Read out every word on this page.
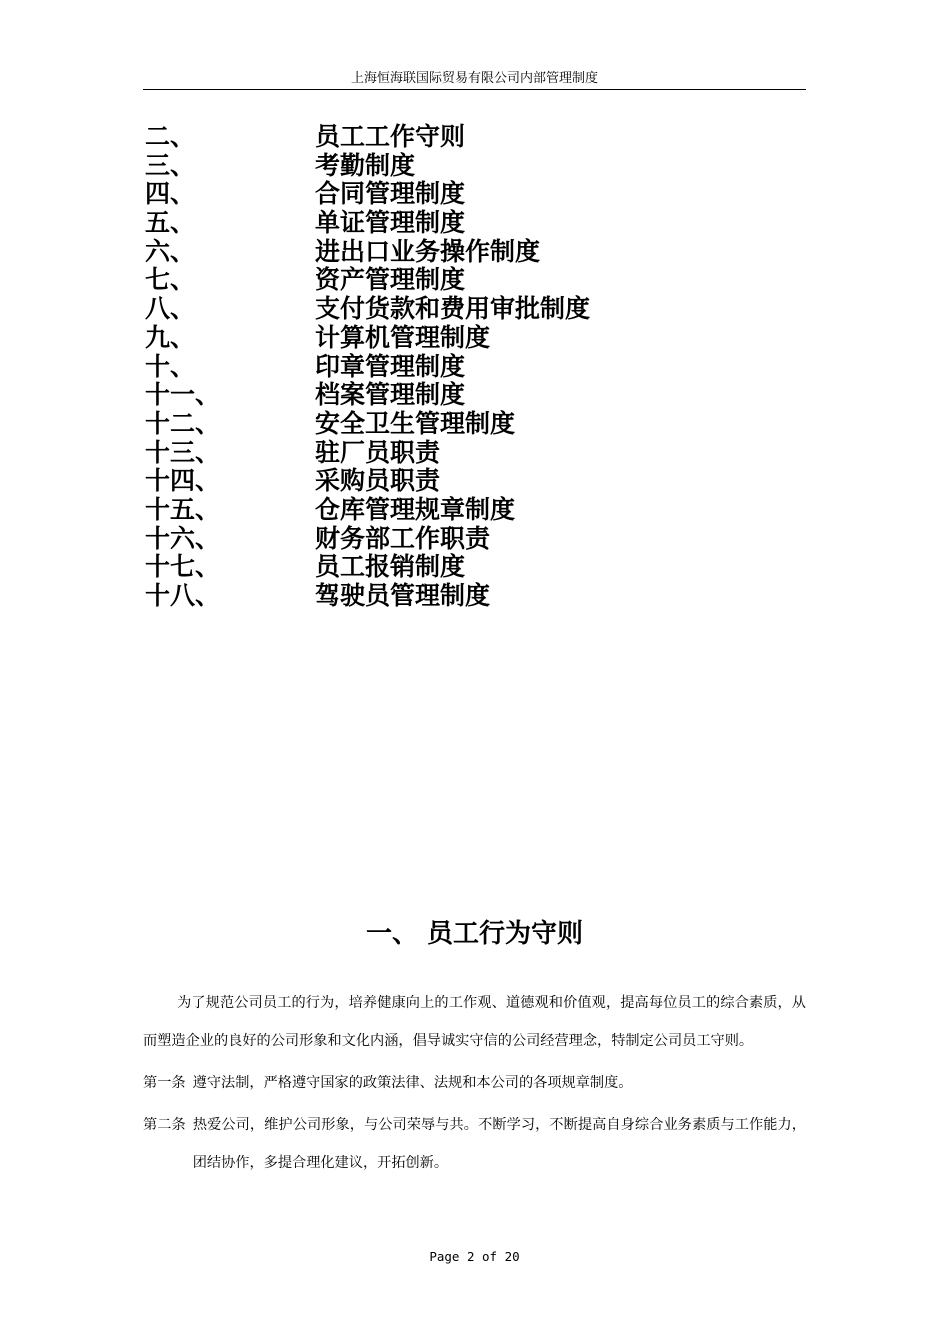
上海恒海联国际贸易有限公司内部管理制度
二、	员工工作守则
三、	考勤制度
四、	合同管理制度
五、	单证管理制度
六、	进出口业务操作制度
七、	资产管理制度
八、	支付货款和费用审批制度
九、	计算机管理制度
十、	印章管理制度
十一、	档案管理制度
十二、	安全卫生管理制度
十三、	驻厂员职责
十四、	采购员职责
十五、	仓库管理规章制度
十六、	财务部工作职责
十七、	员工报销制度
十八、	驾驶员管理制度
一、 员工行为守则

为了规范公司员工的行为，培养健康向上的工作观、道德观和价值观，提高每位员工的综合素质，从而塑造企业的良好的公司形象和文化内涵，倡导诚实守信的公司经营理念，特制定公司员工守则。

第一条 遵守法制，严格遵守国家的政策法律、法规和本公司的各项规章制度。

第二条 热爱公司，维护公司形象，与公司荣辱与共。不断学习，不断提高自身综合业务素质与工作能力，团结协作，多提合理化建议，开拓创新。

Page 2 of 20
